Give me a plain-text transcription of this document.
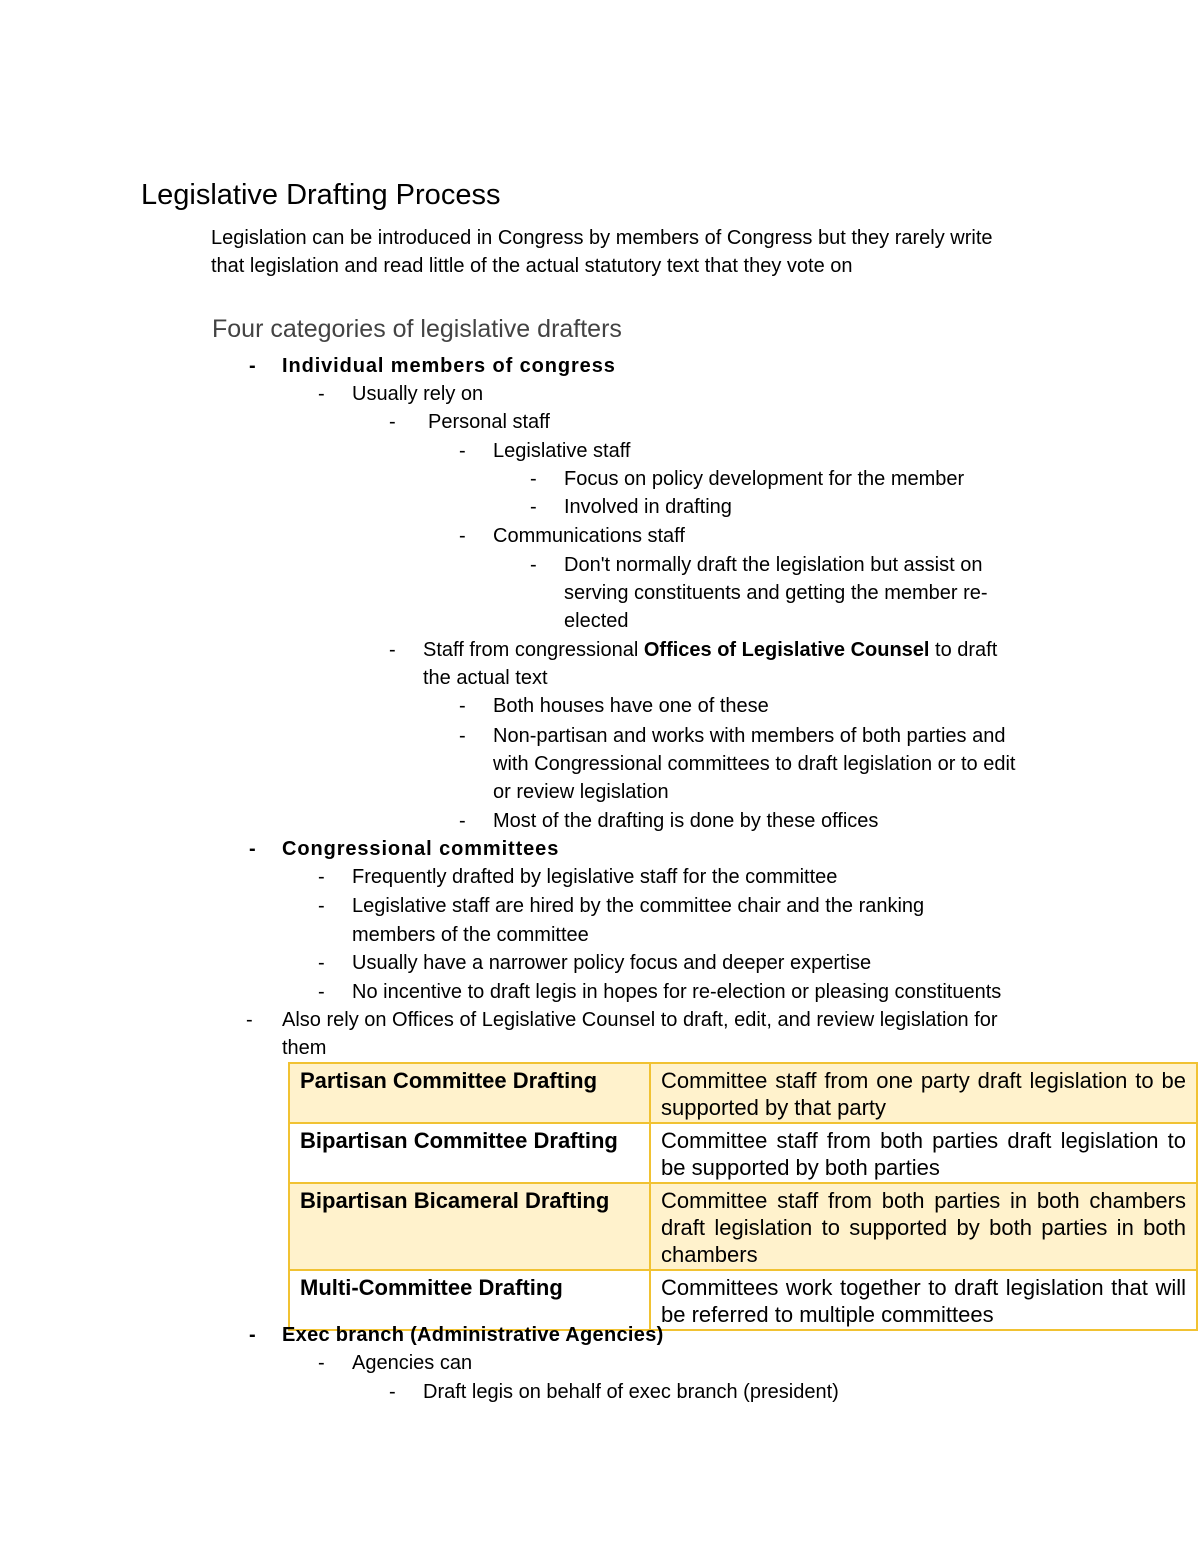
Legislative Drafting Process
Legislation can be introduced in Congress by members of Congress but they rarely write
that legislation and read little of the actual statutory text that they vote on
Four categories of legislative drafters
- Individual members of congress
- Usually rely on
- Personal staff
- Legislative staff
- Focus on policy development for the member
- Involved in drafting
- Communications staff
- Don't normally draft the legislation but assist on
serving constituents and getting the member re-
elected
- Staff from congressional Offices of Legislative Counsel to draft
the actual text
- Both houses have one of these
- Non-partisan and works with members of both parties and
with Congressional committees to draft legislation or to edit
or review legislation
- Most of the drafting is done by these offices
- Congressional committees
- Frequently drafted by legislative staff for the committee
- Legislative staff are hired by the committee chair and the ranking
members of the committee
- Usually have a narrower policy focus and deeper expertise
- No incentive to draft legis in hopes for re-election or pleasing constituents
- Also rely on Offices of Legislative Counsel to draft, edit, and review legislation for
them
Partisan Committee Drafting	Committee staff from one party draft legislation to be supported by that party
Bipartisan Committee Drafting	Committee staff from both parties draft legislation to be supported by both parties
Bipartisan Bicameral Drafting	Committee staff from both parties in both chambers draft legislation to supported by both parties in both chambers
Multi-Committee Drafting	Committees work together to draft legislation that will be referred to multiple committees
- Exec branch (Administrative Agencies)
- Agencies can
- Draft legis on behalf of exec branch (president)
